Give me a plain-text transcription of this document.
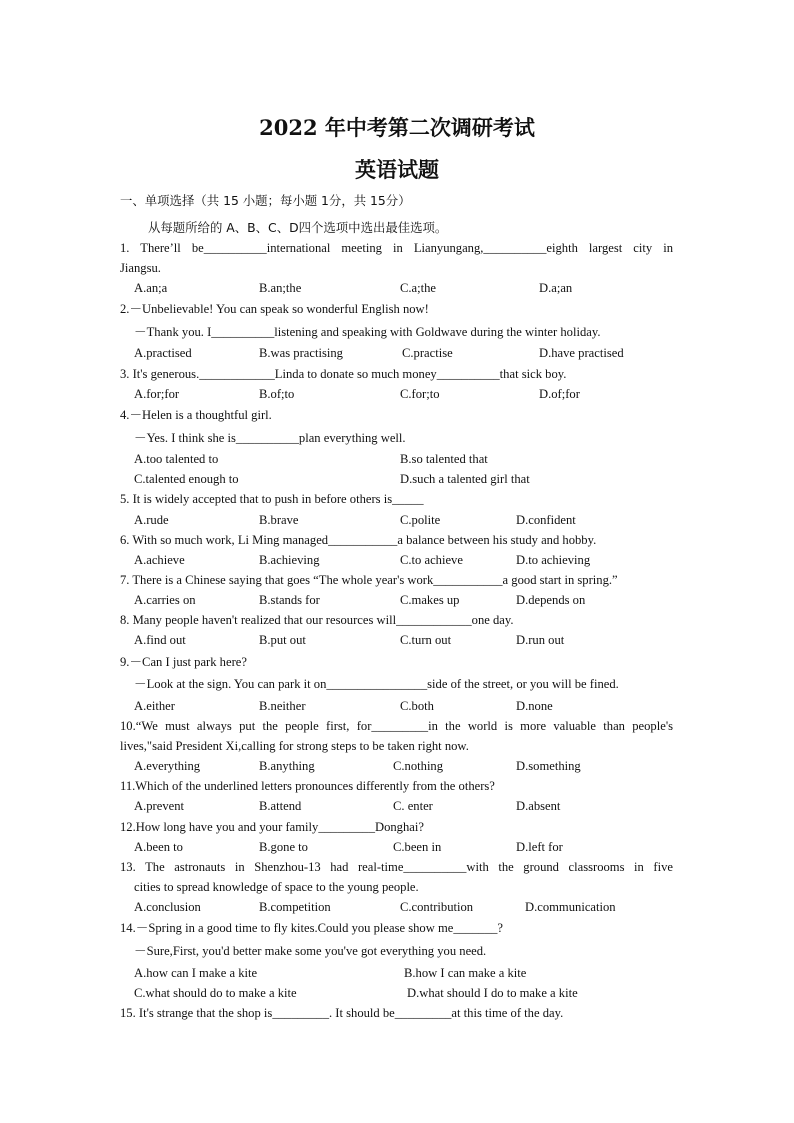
2022 年中考第二次调研考试
英语试题
一、单项选择（共 15 小题；每小题 1分，共 15分）
从每题所给的 A、B、C、D四个选项中选出最佳选项。
1. There’ll be__________international meeting in Lianyungang,__________eighth largest city in
Jiangsu.
A.an;a	B.an;the	C.a;the	D.a;an
2.－Unbelievable! You can speak so wonderful English now!
－Thank you. I__________listening and speaking with Goldwave during the winter holiday.
A.practised	B.was practising	C.practise	D.have practised
3. It's generous.____________Linda to donate so much money__________that sick boy.
A.for;for	B.of;to	C.for;to	D.of;for
4.－Helen is a thoughtful girl.
－Yes. I think she is__________plan everything well.
A.too talented to	B.so talented that
C.talented enough to	D.such a talented girl that
5. It is widely accepted that to push in before others is_____
A.rude	B.brave	C.polite	D.confident
6. With so much work, Li Ming managed___________a balance between his study and hobby.
A.achieve	B.achieving	C.to achieve	D.to achieving
7. There is a Chinese saying that goes “The whole year's work___________a good start in spring.”
A.carries on	B.stands for	C.makes up	D.depends on
8. Many people haven't realized that our resources will____________one day.
A.find out	B.put out	C.turn out	D.run out
9.－Can I just park here?
－Look at the sign. You can park it on________________side of the street, or you will be fined.
A.either	B.neither	C.both	D.none
10.“We must always put the people first, for_________in the world is more valuable than people's
lives,"said President Xi,calling for strong steps to be taken right now.
A.everything	B.anything	C.nothing	D.something
11.Which of the underlined letters pronounces differently from the others?
A.prevent	B.attend	C. enter	D.absent
12.How long have you and your family_________Donghai?
A.been to	B.gone to	C.been in	D.left for
13. The astronauts in Shenzhou-13 had real-time__________with the ground classrooms in five
cities to spread knowledge of space to the young people.
A.conclusion	B.competition	C.contribution	D.communication
14.－Spring in a good time to fly kites.Could you please show me_______?
－Sure,First, you'd better make some you've got everything you need.
A.how can I make a kite	B.how I can make a kite
C.what should do to make a kite	D.what should I do to make a kite
15. It's strange that the shop is_________. It should be_________at this time of the day.
